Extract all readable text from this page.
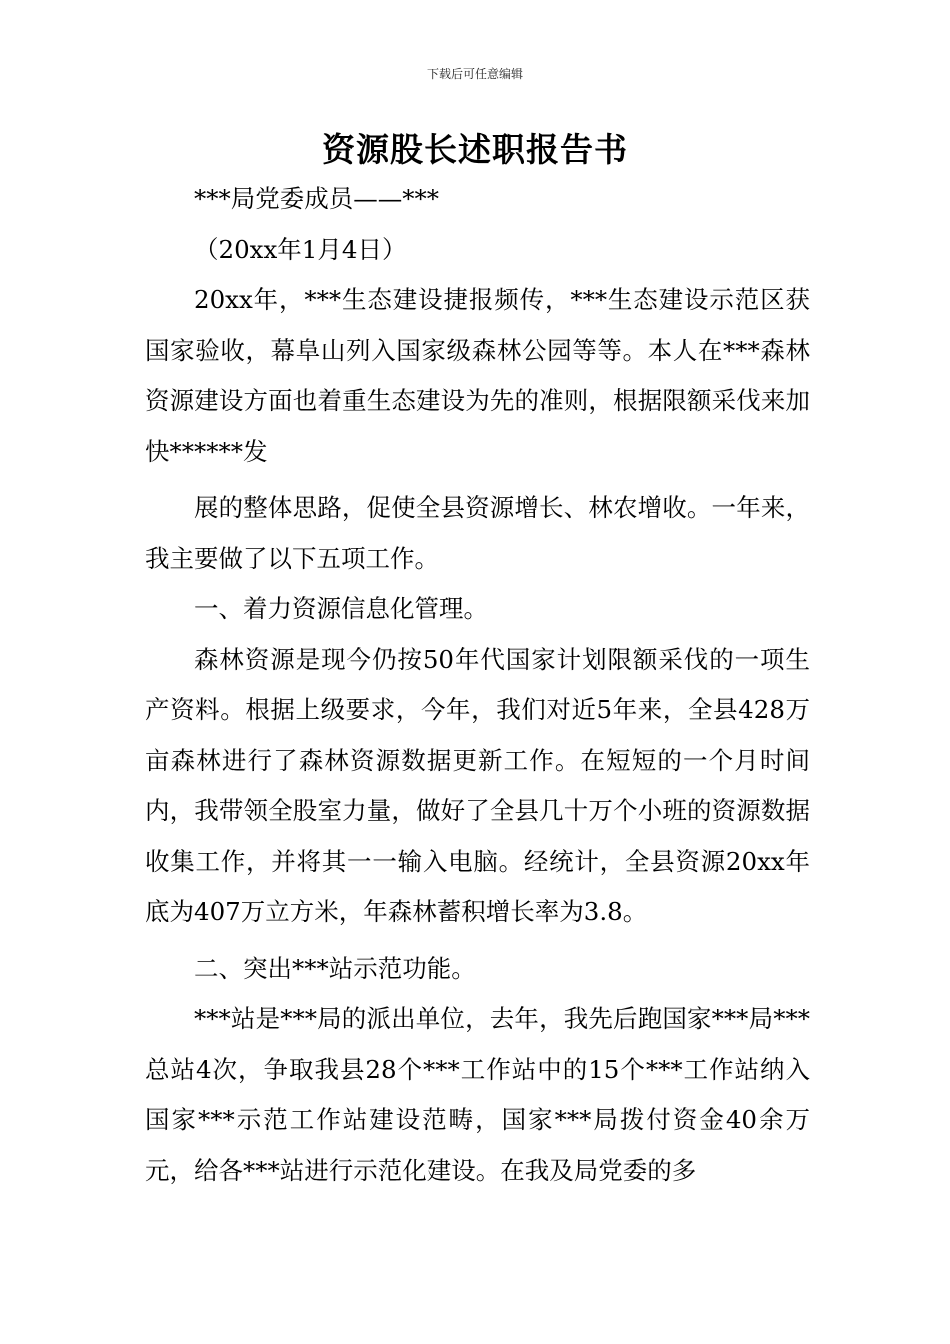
下载后可任意编辑
资源股长述职报告书

***局党委成员——***

（20xx年1月4日）

20xx年，***生态建设捷报频传，***生态建设示范区获国家验收，幕阜山列入国家级森林公园等等。本人在***森林资源建设方面也着重生态建设为先的准则，根据限额采伐来加快******发

展的整体思路，促使全县资源增长、林农增收。一年来，我主要做了以下五项工作。

一、着力资源信息化管理。

森林资源是现今仍按50年代国家计划限额采伐的一项生产资料。根据上级要求，今年，我们对近5年来，全县428万亩森林进行了森林资源数据更新工作。在短短的一个月时间内，我带领全股室力量，做好了全县几十万个小班的资源数据收集工作，并将其一一输入电脑。经统计，全县资源20xx年底为407万立方米，年森林蓄积增长率为3.8。

二、突出***站示范功能。

***站是***局的派出单位，去年，我先后跑国家***局***总站4次，争取我县28个***工作站中的15个***工作站纳入国家***示范工作站建设范畴，国家***局拨付资金40余万元，给各***站进行示范化建设。在我及局党委的多
